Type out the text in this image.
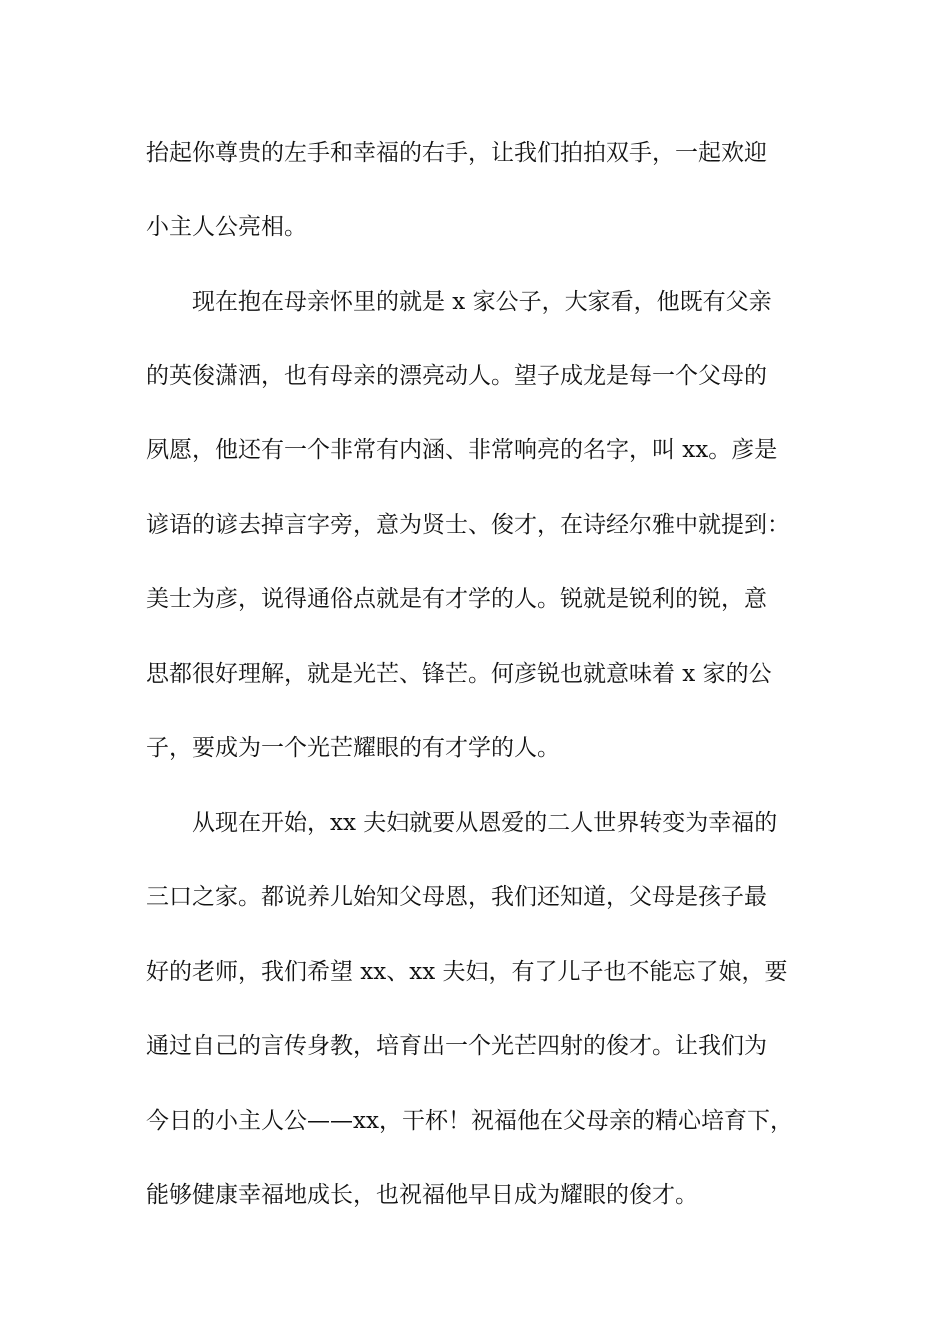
抬起你尊贵的左手和幸福的右手，让我们拍拍双手，一起欢迎

小主人公亮相。

　　现在抱在母亲怀里的就是 x 家公子，大家看，他既有父亲

的英俊潇洒，也有母亲的漂亮动人。望子成龙是每一个父母的

夙愿，他还有一个非常有内涵、非常响亮的名字，叫 xx。彦是

谚语的谚去掉言字旁，意为贤士、俊才，在诗经尔雅中就提到：

美士为彦，说得通俗点就是有才学的人。锐就是锐利的锐，意

思都很好理解，就是光芒、锋芒。何彦锐也就意味着 x 家的公

子，要成为一个光芒耀眼的有才学的人。

　　从现在开始，xx 夫妇就要从恩爱的二人世界转变为幸福的

三口之家。都说养儿始知父母恩，我们还知道，父母是孩子最

好的老师，我们希望 xx、xx 夫妇，有了儿子也不能忘了娘，要

通过自己的言传身教，培育出一个光芒四射的俊才。让我们为

今日的小主人公——xx，干杯！祝福他在父母亲的精心培育下，

能够健康幸福地成长，也祝福他早日成为耀眼的俊才。
